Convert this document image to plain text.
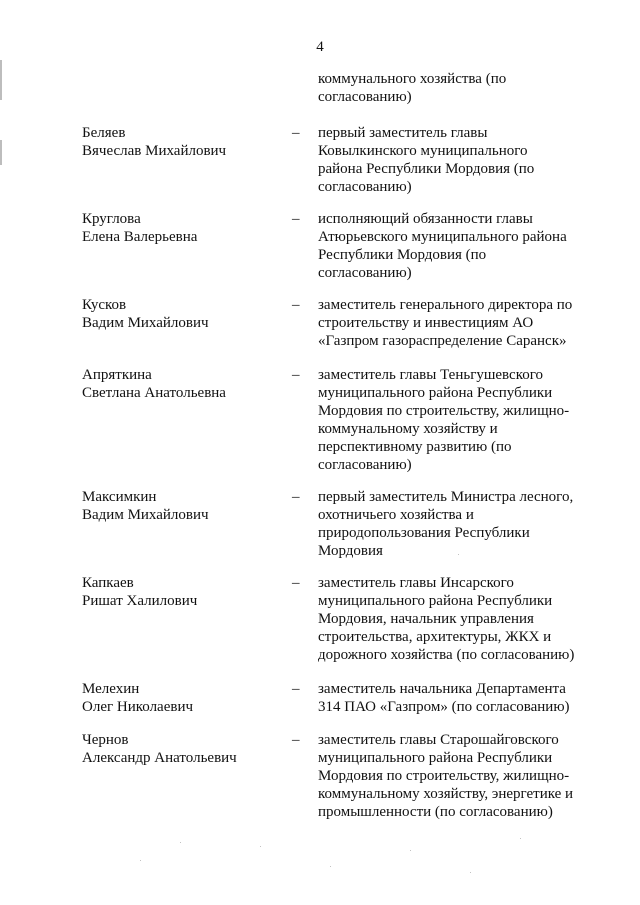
4
коммунального хозяйства (по
согласованию)
Беляев
Вячеслав Михайлович
–	первый заместитель главы
Ковылкинского муниципального
района Республики Мордовия (по
согласованию)
Круглова
Елена Валерьевна
–	исполняющий обязанности главы
Атюрьевского муниципального района
Республики Мордовия (по
согласованию)
Кусков
Вадим Михайлович
–	заместитель генерального директора по
строительству и инвестициям АО
«Газпром газораспределение Саранск»
Апряткина
Светлана Анатольевна
–	заместитель главы Теньгушевского
муниципального района Республики
Мордовия по строительству, жилищно-
коммунальному хозяйству и
перспективному развитию (по
согласованию)
Максимкин
Вадим Михайлович
–	первый заместитель Министра лесного,
охотничьего хозяйства и
природопользования Республики
Мордовия
Капкаев
Ришат Халилович
–	заместитель главы Инсарского
муниципального района Республики
Мордовия, начальник управления
строительства, архитектуры, ЖКХ и
дорожного хозяйства (по согласованию)
Мелехин
Олег Николаевич
–	заместитель начальника Департамента
314 ПАО «Газпром» (по согласованию)
Чернов
Александр Анатольевич
–	заместитель главы Старошайговского
муниципального района Республики
Мордовия по строительству, жилищно-
коммунальному хозяйству, энергетике и
промышленности (по согласованию)
